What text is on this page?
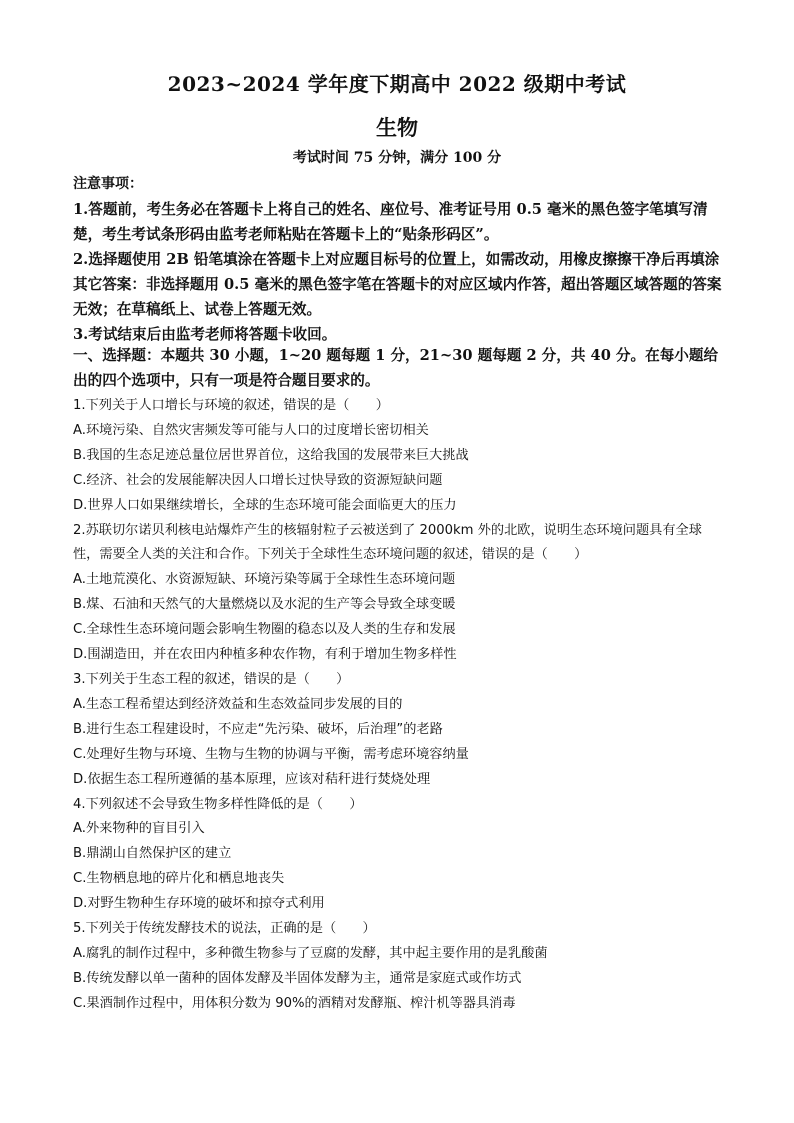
2023~2024 学年度下期高中 2022 级期中考试
生物
考试时间 75 分钟，满分 100 分

注意事项：

1.答题前，考生务必在答题卡上将自己的姓名、座位号、准考证号用 0.5 毫米的黑色签字笔填写清楚，考生考试条形码由监考老师粘贴在答题卡上的“贴条形码区”。

2.选择题使用 2B 铅笔填涂在答题卡上对应题目标号的位置上，如需改动，用橡皮擦擦干净后再填涂其它答案：非选择题用 0.5 毫米的黑色签字笔在答题卡的对应区域内作答，超出答题区域答题的答案无效；在草稿纸上、试卷上答题无效。

3.考试结束后由监考老师将答题卡收回。

一、选择题：本题共 30 小题，1~20 题每题 1 分，21~30 题每题 2 分，共 40 分。在每小题给出的四个选项中，只有一项是符合题目要求的。

1.下列关于人口增长与环境的叙述，错误的是（　　）

A.环境污染、自然灾害频发等可能与人口的过度增长密切相关

B.我国的生态足迹总量位居世界首位，这给我国的发展带来巨大挑战

C.经济、社会的发展能解决因人口增长过快导致的资源短缺问题

D.世界人口如果继续增长，全球的生态环境可能会面临更大的压力

2.苏联切尔诺贝利核电站爆炸产生的核辐射粒子云被送到了 2000km 外的北欧，说明生态环境问题具有全球性，需要全人类的关注和合作。下列关于全球性生态环境问题的叙述，错误的是（　　）

A.土地荒漠化、水资源短缺、环境污染等属于全球性生态环境问题

B.煤、石油和天然气的大量燃烧以及水泥的生产等会导致全球变暖

C.全球性生态环境问题会影响生物圈的稳态以及人类的生存和发展

D.围湖造田，并在农田内种植多种农作物，有利于增加生物多样性

3.下列关于生态工程的叙述，错误的是（　　）

A.生态工程希望达到经济效益和生态效益同步发展的目的

B.进行生态工程建设时，不应走“先污染、破坏，后治理”的老路

C.处理好生物与环境、生物与生物的协调与平衡，需考虑环境容纳量

D.依据生态工程所遵循的基本原理，应该对秸秆进行焚烧处理

4.下列叙述不会导致生物多样性降低的是（　　）

A.外来物种的盲目引入

B.鼎湖山自然保护区的建立

C.生物栖息地的碎片化和栖息地丧失

D.对野生物种生存环境的破坏和掠夺式利用

5.下列关于传统发酵技术的说法，正确的是（　　）

A.腐乳的制作过程中，多种微生物参与了豆腐的发酵，其中起主要作用的是乳酸菌

B.传统发酵以单一菌种的固体发酵及半固体发酵为主，通常是家庭式或作坊式

C.果酒制作过程中，用体积分数为 90%的酒精对发酵瓶、榨汁机等器具消毒
